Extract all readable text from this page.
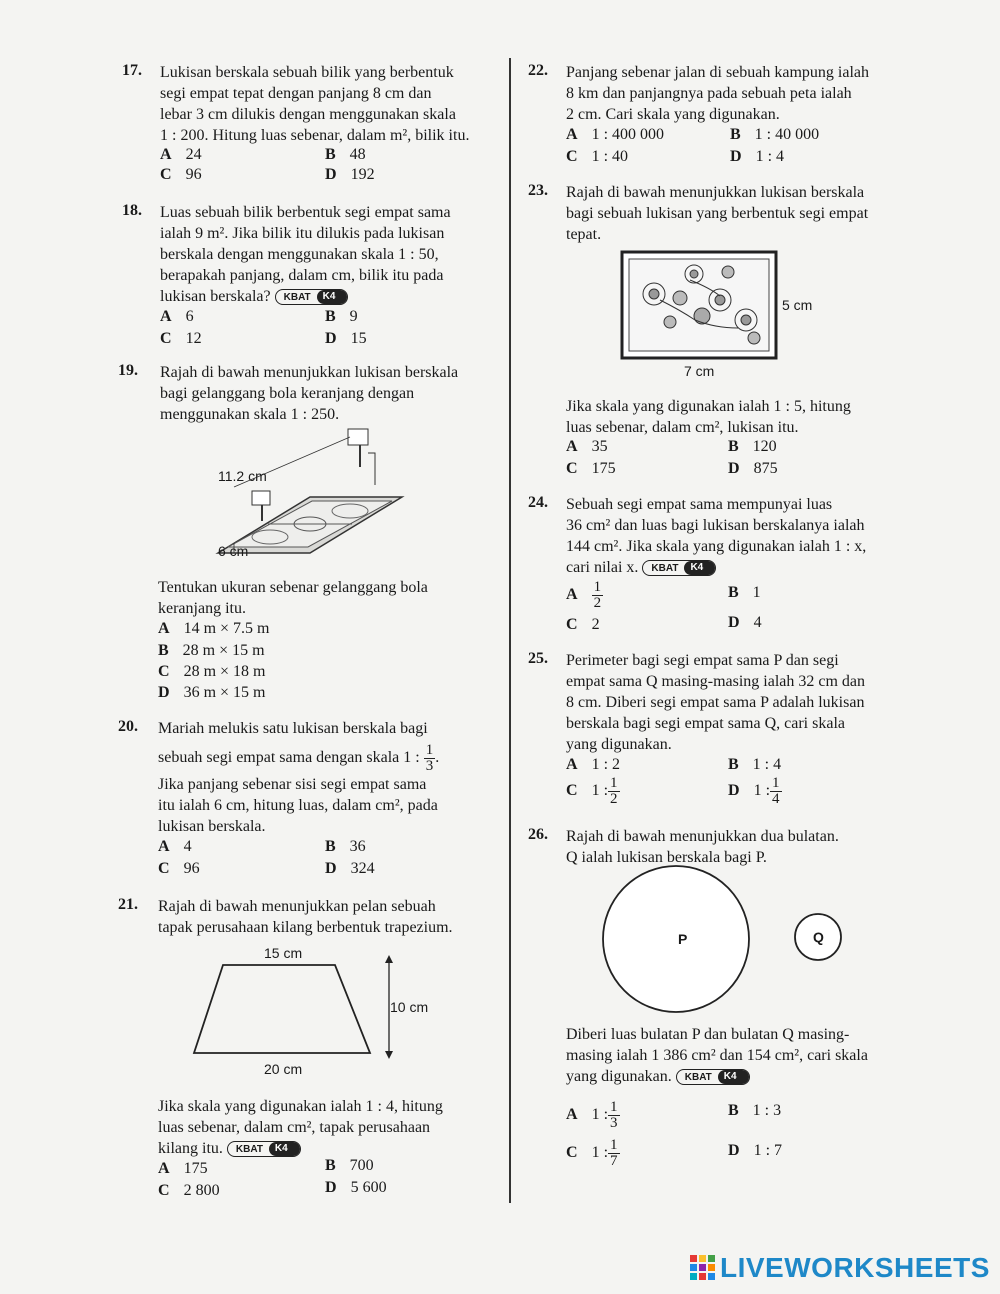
17. Lukisan berskala sebuah bilik yang berbentuk
segi empat tepat dengan panjang 8 cm dan
lebar 3 cm dilukis dengan menggunakan skala
1 : 200. Hitung luas sebenar, dalam m², bilik itu.
A 24	B 48
C 96	D 192
18. Luas sebuah bilik berbentuk segi empat sama
ialah 9 m². Jika bilik itu dilukis pada lukisan
berskala dengan menggunakan skala 1 : 50,
berapakah panjang, dalam cm, bilik itu pada
lukisan berskala? KBAT	K4
A 6	B 9
C 12	D 15
19. Rajah di bawah menunjukkan lukisan berskala
bagi gelanggang bola keranjang dengan
menggunakan skala 1 : 250.
11.2 cm
6 cm
Tentukan ukuran sebenar gelanggang bola
keranjang itu.
A 14 m × 7.5 m
B 28 m × 15 m
C 28 m × 18 m
D 36 m × 15 m
20. Mariah melukis satu lukisan berskala bagi
sebuah segi empat sama dengan skala 1 : $\frac{1}{3}$ .
Jika panjang sebenar sisi segi empat sama
itu ialah 6 cm, hitung luas, dalam cm², pada
lukisan berskala.
A 4	B 36
C 96	D 324
21. Rajah di bawah menunjukkan pelan sebuah
tapak perusahaan kilang berbentuk trapezium.
15 cm
10 cm
20 cm
Jika skala yang digunakan ialah 1 : 4, hitung
luas sebenar, dalam cm², tapak perusahaan
kilang itu. KBAT	K4
A 175	B 700
C 2 800	D 5 600
22. Panjang sebenar jalan di sebuah kampung ialah
8 km dan panjangnya pada sebuah peta ialah
2 cm. Cari skala yang digunakan.
A 1 : 400 000	B 1 : 40 000
C 1 : 40	D 1 : 4
23. Rajah di bawah menunjukkan lukisan berskala
bagi sebuah lukisan yang berbentuk segi empat
tepat.
5 cm
7 cm
Jika skala yang digunakan ialah 1 : 5, hitung
luas sebenar, dalam cm², lukisan itu.
A 35	B 120
C 175	D 875
24. Sebuah segi empat sama mempunyai luas
36 cm² dan luas bagi lukisan berskalanya ialah
144 cm². Jika skala yang digunakan ialah 1 : x,
cari nilai x. KBAT	K4
A $\frac{1}{2}$	B 1
C 2	D 4
25. Perimeter bagi segi empat sama P dan segi
empat sama Q masing-masing ialah 32 cm dan
8 cm. Diberi segi empat sama P adalah lukisan
berskala bagi segi empat sama Q, cari skala
yang digunakan.
A 1 : 2	B 1 : 4
C 1 : $\frac{1}{2}$	D 1 : $\frac{1}{4}$
26. Rajah di bawah menunjukkan dua bulatan.
Q ialah lukisan berskala bagi P.
P	Q
Diberi luas bulatan P dan bulatan Q masing-
masing ialah 1 386 cm² dan 154 cm², cari skala
yang digunakan. KBAT	K4
A 1 : $\frac{1}{3}$	B 1 : 3
C 1 : $\frac{1}{7}$	D 1 : 7
LIVEWORKSHEETS
